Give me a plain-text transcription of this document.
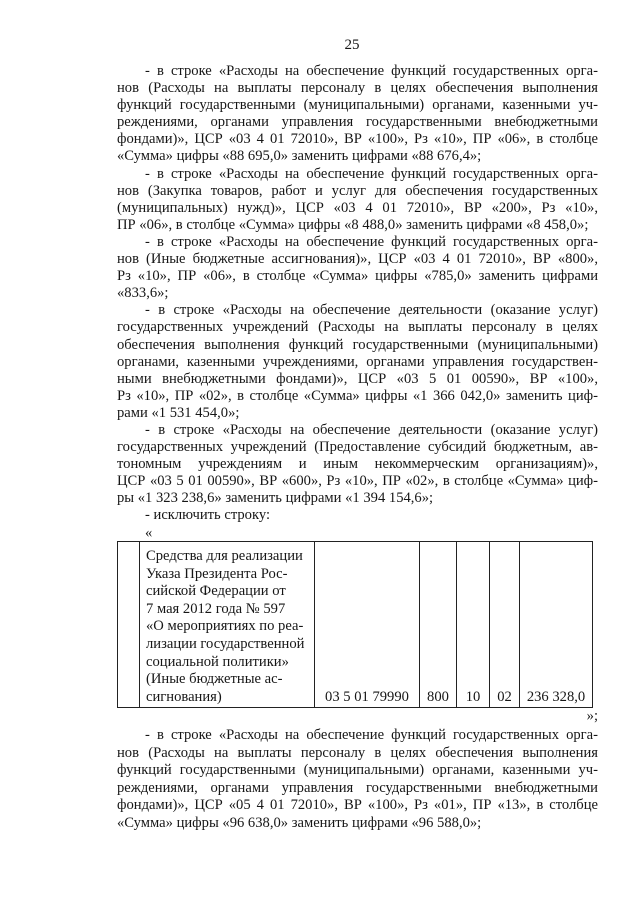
25
- в строке «Расходы на обеспечение функций государственных орга-
нов (Расходы на выплаты персоналу в целях обеспечения выполнения
функций государственными (муниципальными) органами, казенными уч-
реждениями, органами управления государственными внебюджетными
фондами)», ЦСР «03 4 01 72010», ВР «100», Рз «10», ПР «06», в столбце
«Сумма» цифры «88 695,0» заменить цифрами «88 676,4»;
- в строке «Расходы на обеспечение функций государственных орга-
нов (Закупка товаров, работ и услуг для обеспечения государственных
(муниципальных) нужд)», ЦСР «03 4 01 72010», ВР «200», Рз «10»,
ПР «06», в столбце «Сумма» цифры «8 488,0» заменить цифрами «8 458,0»;
- в строке «Расходы на обеспечение функций государственных орга-
нов (Иные бюджетные ассигнования)», ЦСР «03 4 01 72010», ВР «800»,
Рз «10», ПР «06», в столбце «Сумма» цифры «785,0» заменить цифрами
«833,6»;
- в строке «Расходы на обеспечение деятельности (оказание услуг)
государственных учреждений (Расходы на выплаты персоналу в целях
обеспечения выполнения функций государственными (муниципальными)
органами, казенными учреждениями, органами управления государствен-
ными внебюджетными фондами)», ЦСР «03 5 01 00590», ВР «100»,
Рз «10», ПР «02», в столбце «Сумма» цифры «1 366 042,0» заменить циф-
рами «1 531 454,0»;
- в строке «Расходы на обеспечение деятельности (оказание услуг)
государственных учреждений (Предоставление субсидий бюджетным, ав-
тономным учреждениям и иным некоммерческим организациям)»,
ЦСР «03 5 01 00590», ВР «600», Рз «10», ПР «02», в столбце «Сумма» циф-
ры «1 323 238,6» заменить цифрами «1 394 154,6»;
- исключить строку:
«

Средства для реализации
Указа Президента Рос-
сийской Федерации от
7 мая 2012 года № 597
«О мероприятиях по реа-
лизации государственной
социальной политики»
(Иные бюджетные ас-
сигнования)	03 5 01 79990	800	10	02	236 328,0
»;
- в строке «Расходы на обеспечение функций государственных орга-
нов (Расходы на выплаты персоналу в целях обеспечения выполнения
функций государственными (муниципальными) органами, казенными уч-
реждениями, органами управления государственными внебюджетными
фондами)», ЦСР «05 4 01 72010», ВР «100», Рз «01», ПР «13», в столбце
«Сумма» цифры «96 638,0» заменить цифрами «96 588,0»;
